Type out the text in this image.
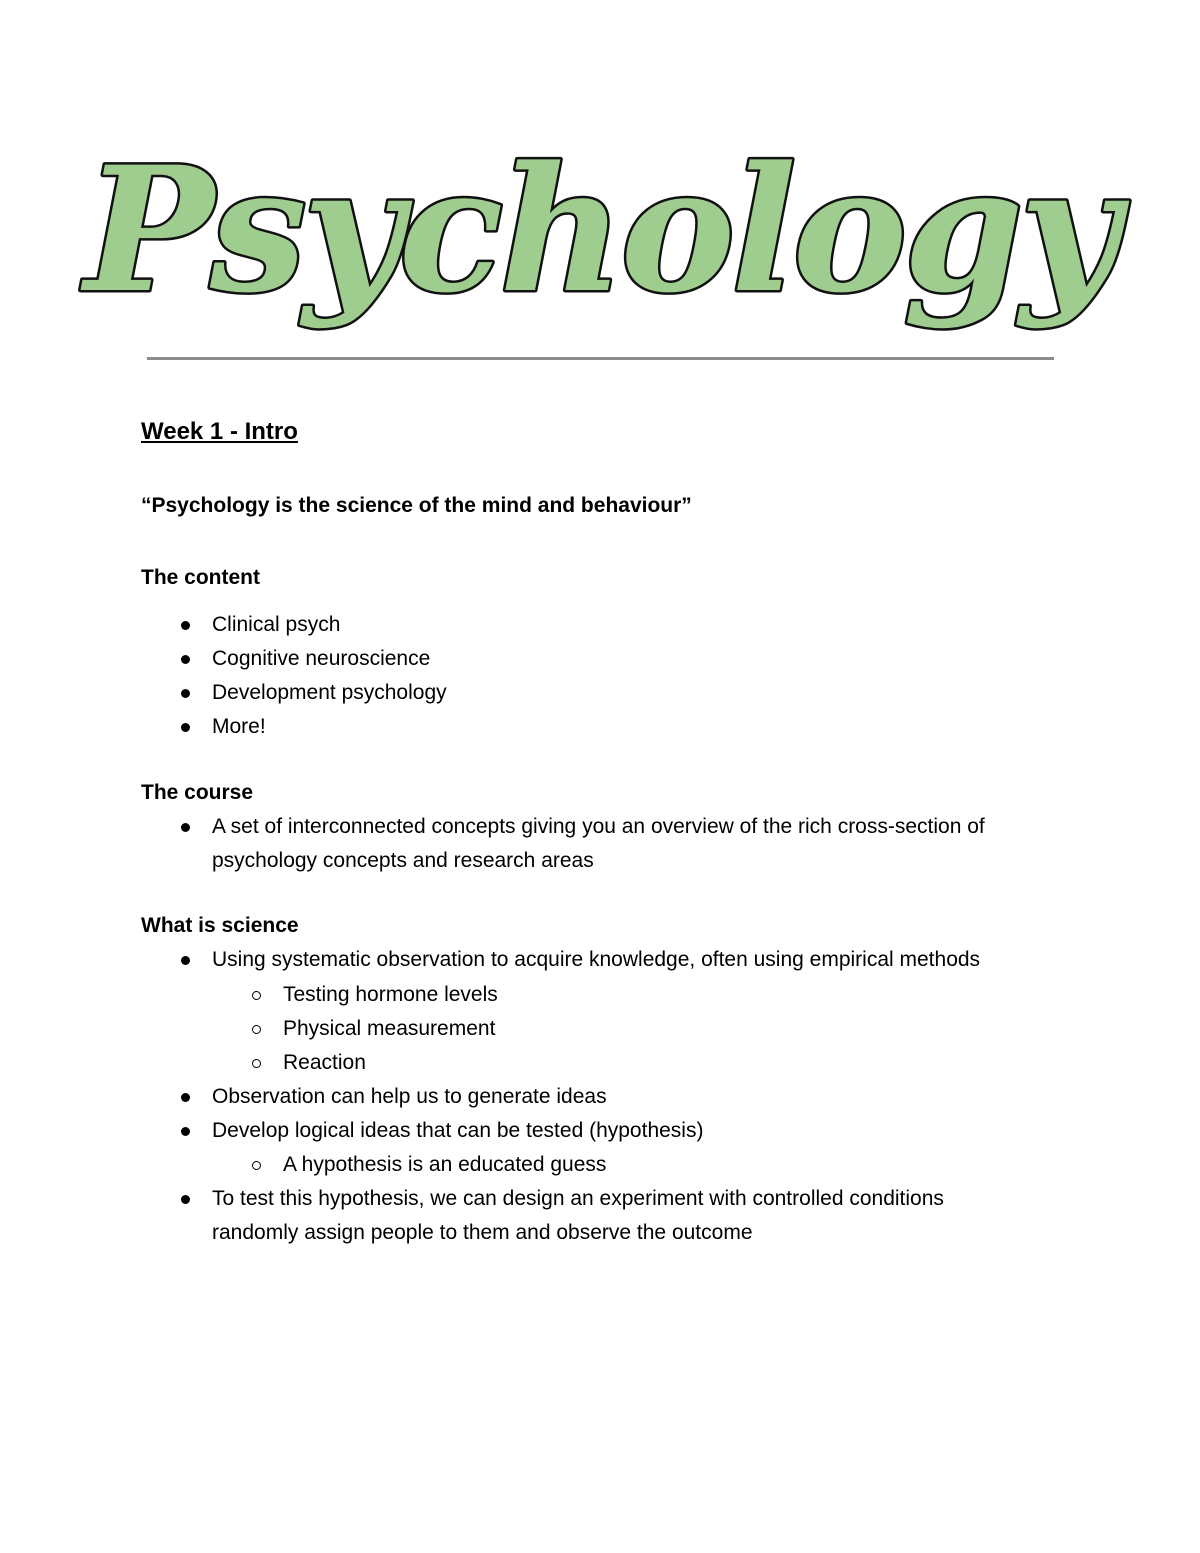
Psychology
Week 1 - Intro
“Psychology is the science of the mind and behaviour”
The content
Clinical psych
Cognitive neuroscience
Development psychology
More!
The course
A set of interconnected concepts giving you an overview of the rich cross-section of psychology concepts and research areas
What is science
Using systematic observation to acquire knowledge, often using empirical methods
Testing hormone levels
Physical measurement
Reaction
Observation can help us to generate ideas
Develop logical ideas that can be tested (hypothesis)
A hypothesis is an educated guess
To test this hypothesis, we can design an experiment with controlled conditions randomly assign people to them and observe the outcome
